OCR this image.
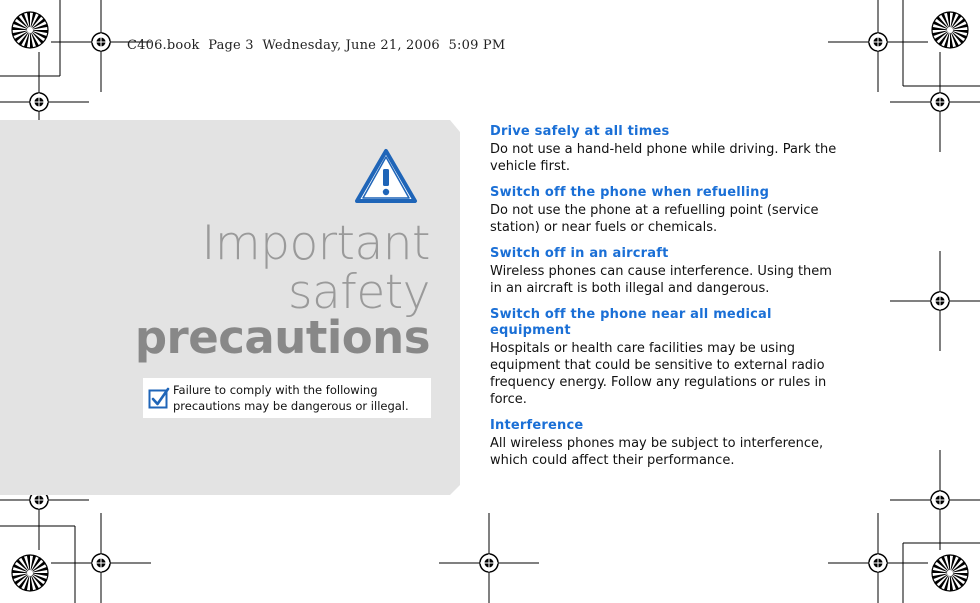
C406.book  Page 3  Wednesday, June 21, 2006  5:09 PM
Important
safety
precautions
Failure to comply with the following precautions may be dangerous or illegal.
Drive safely at all times

Do not use a hand-held phone while driving. Park the vehicle first.

Switch off the phone when refuelling

Do not use the phone at a refuelling point (service station) or near fuels or chemicals.

Switch off in an aircraft

Wireless phones can cause interference. Using them in an aircraft is both illegal and dangerous.

Switch off the phone near all medical equipment

Hospitals or health care facilities may be using equipment that could be sensitive to external radio frequency energy. Follow any regulations or rules in force.

Interference

All wireless phones may be subject to interference, which could affect their performance.
